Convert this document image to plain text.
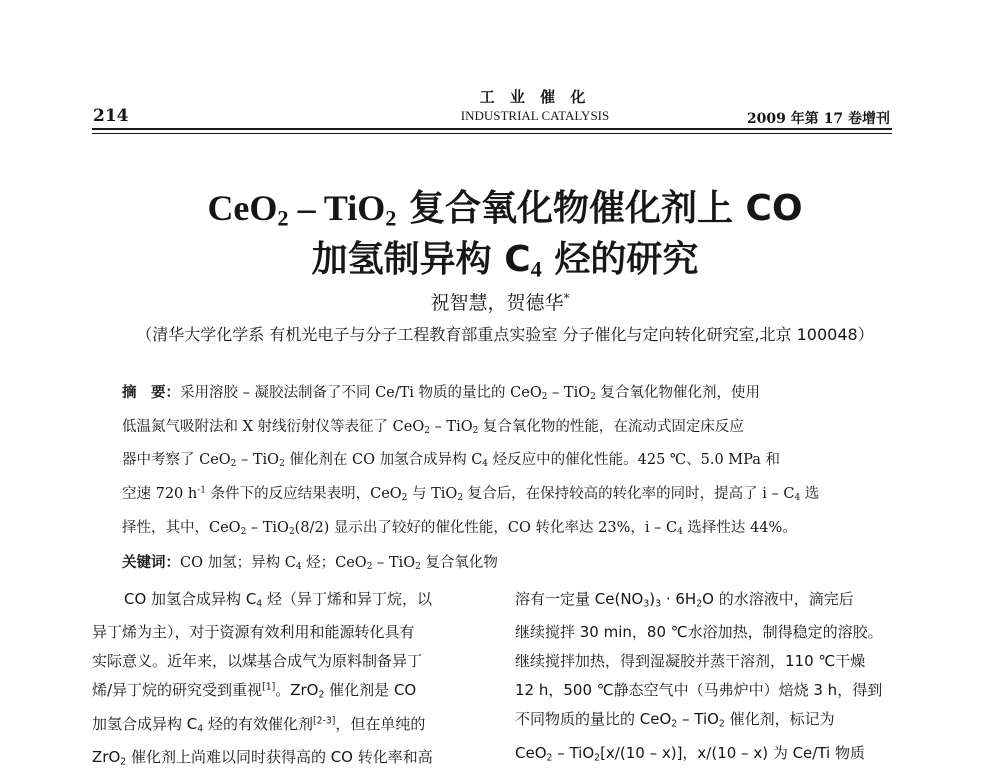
214
工 业 催 化
INDUSTRIAL CATALYSIS	2009 年第 17 卷增刊
CeO$_2$ – TiO$_2$ 复合氧化物催化剂上 CO
加氢制异构 $C_4$ 烃的研究
祝智慧，贺德华*
（清华大学化学系 有机光电子与分子工程教育部重点实验室 分子催化与定向转化研究室,北京 100048）
摘　要：采用溶胶 – 凝胶法制备了不同 Ce/Ti 物质的量比的 CeO$_2$ – TiO$_2$ 复合氧化物催化剂，使用
低温氮气吸附法和 X 射线衍射仪等表征了 CeO$_2$ – TiO$_2$ 复合氧化物的性能，在流动式固定床反应
器中考察了 CeO$_2$ – TiO$_2$ 催化剂在 CO 加氢合成异构 $C_4$ 烃反应中的催化性能。425 ℃、5.0 MPa 和
空速 720 $h^{-1}$ 条件下的反应结果表明，CeO$_2$ 与 TiO$_2$ 复合后，在保持较高的转化率的同时，提高了 i – $C_4$ 选
择性，其中，CeO$_2$ – TiO$_2$(8/2) 显示出了较好的催化性能，CO 转化率达 23%，i – $C_4$ 选择性达 44%。
关键词：CO 加氢；异构 $C_4$ 烃；CeO$_2$ – TiO$_2$ 复合氧化物
CO 加氢合成异构 $C_4$ 烃（异丁烯和异丁烷，以
异丁烯为主），对于资源有效利用和能源转化具有
实际意义。近年来，以煤基合成气为原料制备异丁
烯/异丁烷的研究受到重视[1]。ZrO$_2$ 催化剂是 CO
加氢合成异构 $C_4$ 烃的有效催化剂[2-3]，但在单纯的
ZrO$_2$ 催化剂上尚难以同时获得高的 CO 转化率和高
溶有一定量 $Ce(NO_3)_3 \cdot 6H_2O$ 的水溶液中，滴完后
继续搅拌 30 min，80 ℃水浴加热，制得稳定的溶胶。
继续搅拌加热，得到湿凝胶并蒸干溶剂，110 ℃干燥
12 h，500 ℃静态空气中（马弗炉中）焙烧 3 h，得到
不同物质的量比的 CeO$_2$ – TiO$_2$ 催化剂，标记为
CeO$_2$ – TiO$_2$[x/(10 – x)]，x/(10 – x) 为 Ce/Ti 物质
